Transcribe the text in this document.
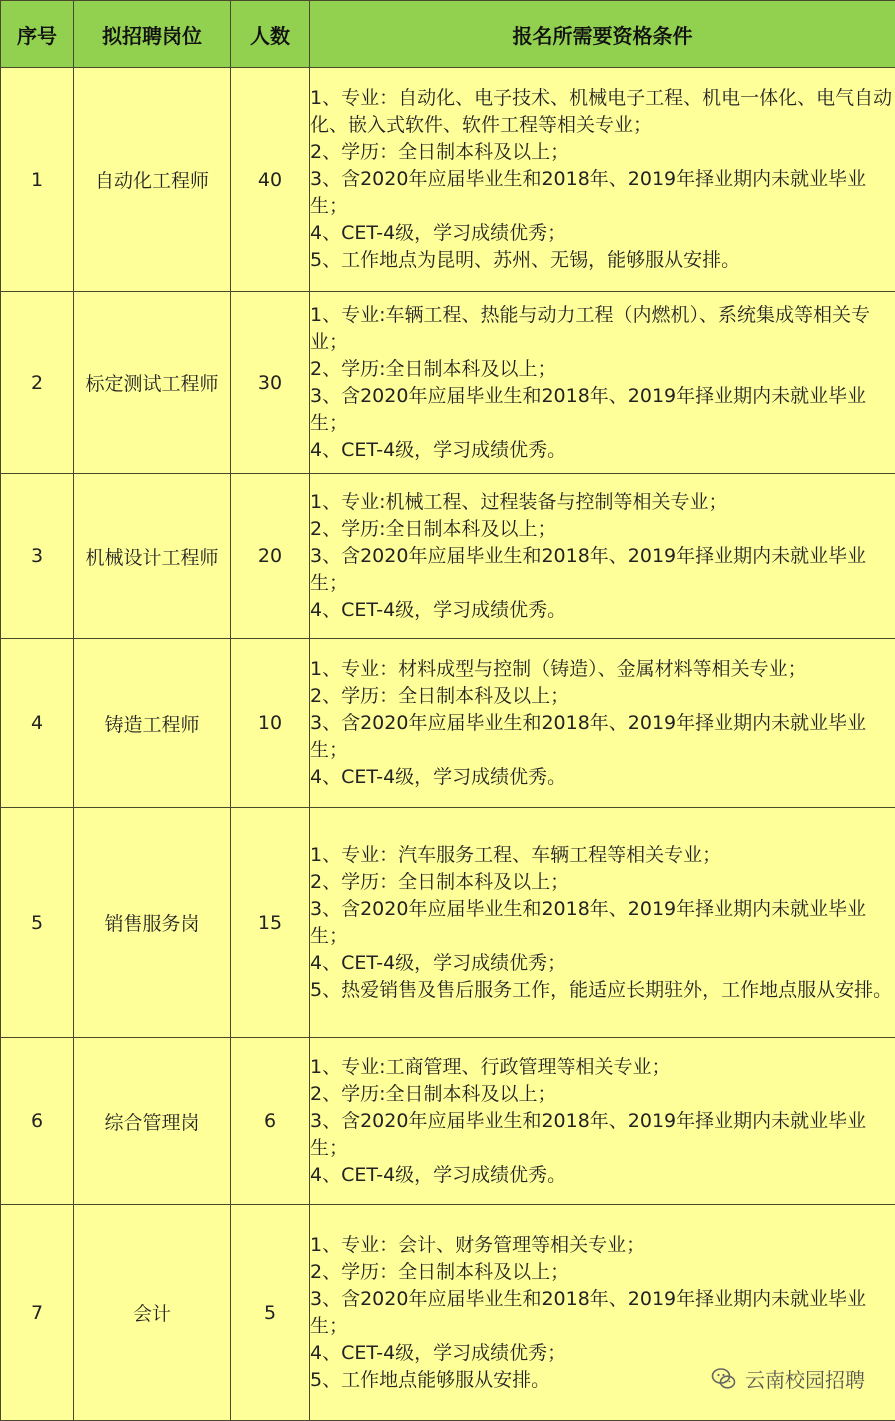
序号	拟招聘岗位	人数	报名所需要资格条件
1	自动化工程师	40	1、专业：自动化、电子技术、机械电子工程、机电一体化、电气自动化、嵌入式软件、软件工程等相关专业；
2、学历：全日制本科及以上；
3、含2020年应届毕业生和2018年、2019年择业期内未就业毕业生；
4、CET-4级，学习成绩优秀；
5、工作地点为昆明、苏州、无锡，能够服从安排。

2	标定测试工程师	30	1、专业:车辆工程、热能与动力工程（内燃机）、系统集成等相关专业；
2、学历:全日制本科及以上；
3、含2020年应届毕业生和2018年、2019年择业期内未就业毕业生；
4、CET-4级，学习成绩优秀。

3	机械设计工程师	20	1、专业:机械工程、过程装备与控制等相关专业；
2、学历:全日制本科及以上；
3、含2020年应届毕业生和2018年、2019年择业期内未就业毕业生；
4、CET-4级，学习成绩优秀。

4	铸造工程师	10	1、专业：材料成型与控制（铸造）、金属材料等相关专业；
2、学历：全日制本科及以上；
3、含2020年应届毕业生和2018年、2019年择业期内未就业毕业生；
4、CET-4级，学习成绩优秀。

5	销售服务岗	15	1、专业：汽车服务工程、车辆工程等相关专业；
2、学历：全日制本科及以上；
3、含2020年应届毕业生和2018年、2019年择业期内未就业毕业生；
4、CET-4级，学习成绩优秀；
5、热爱销售及售后服务工作，能适应长期驻外，工作地点服从安排。

6	综合管理岗	6	1、专业:工商管理、行政管理等相关专业；
2、学历:全日制本科及以上；
3、含2020年应届毕业生和2018年、2019年择业期内未就业毕业生；
4、CET-4级，学习成绩优秀。

7	会计	5	1、专业：会计、财务管理等相关专业；
2、学历：全日制本科及以上；
3、含2020年应届毕业生和2018年、2019年择业期内未就业毕业生；
4、CET-4级，学习成绩优秀；
5、工作地点能够服从安排。	云南校园招聘
